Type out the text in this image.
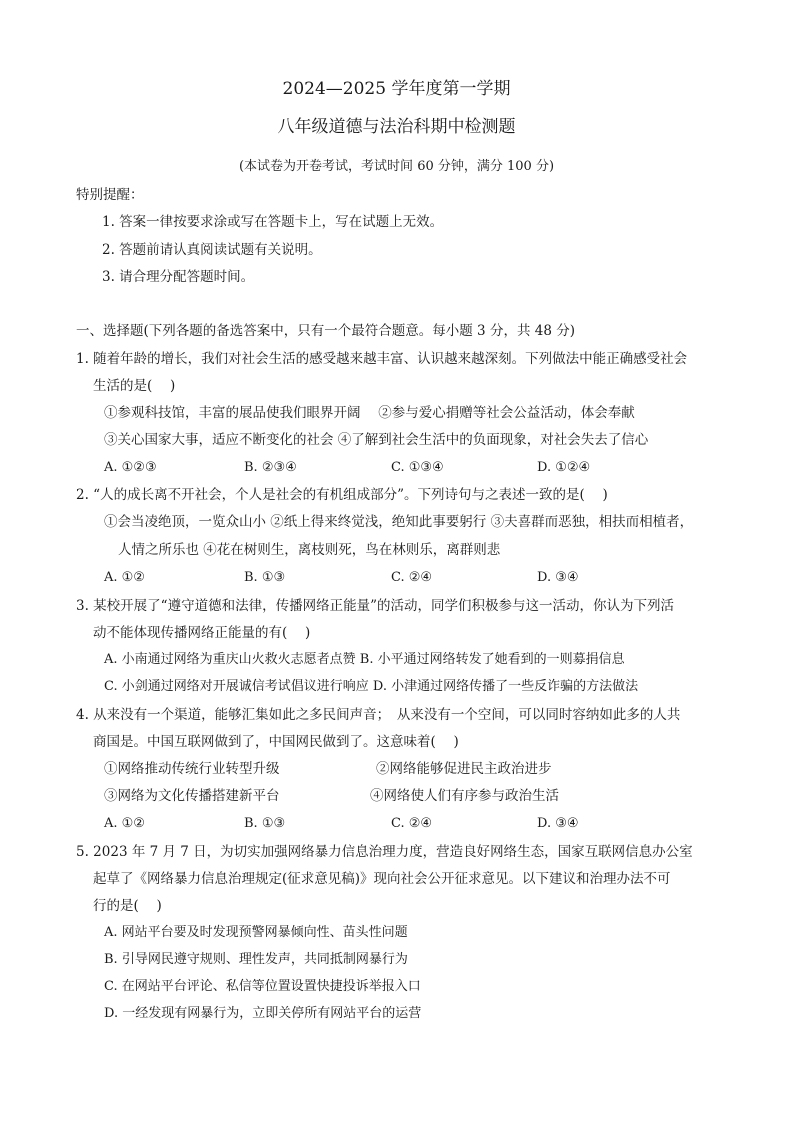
2024—2025 学年度第一学期
八年级道德与法治科期中检测题
(本试卷为开卷考试，考试时间 60 分钟，满分 100 分)
特别提醒：
1. 答案一律按要求涂或写在答题卡上，写在试题上无效。
2. 答题前请认真阅读试题有关说明。
3. 请合理分配答题时间。
一、选择题(下列各题的备选答案中，只有一个最符合题意。每小题 3 分，共 48 分)
1. 随着年龄的增长，我们对社会生活的感受越来越丰富、认识越来越深刻。下列做法中能正确感受社会
生活的是(　 )
①参观科技馆，丰富的展品使我们眼界开阔　 ②参与爱心捐赠等社会公益活动，体会奉献
③关心国家大事，适应不断变化的社会 ④了解到社会生活中的负面现象，对社会失去了信心
A. ①②③	B. ②③④	C. ①③④	D. ①②④
2. “人的成长离不开社会，个人是社会的有机组成部分”。下列诗句与之表述一致的是(　 )
①会当凌绝顶，一览众山小 ②纸上得来终觉浅，绝知此事要躬行 ③夫喜群而恶独，相扶而相植者，
人情之所乐也 ④花在树则生，离枝则死，鸟在林则乐，离群则悲
A. ①②	B. ①③	C. ②④	D. ③④
3. 某校开展了“遵守道德和法律，传播网络正能量”的活动，同学们积极参与这一活动，你认为下列活
动不能体现传播网络正能量的有(　 )
A. 小南通过网络为重庆山火救火志愿者点赞 B. 小平通过网络转发了她看到的一则募捐信息
C. 小剑通过网络对开展诚信考试倡议进行响应 D. 小津通过网络传播了一些反诈骗的方法做法
4. 从来没有一个渠道，能够汇集如此之多民间声音；　从来没有一个空间，可以同时容纳如此多的人共
商国是。中国互联网做到了，中国网民做到了。这意味着(　 )
①网络推动传统行业转型升级	②网络能够促进民主政治进步
③网络为文化传播搭建新平台	④网络使人们有序参与政治生活
A. ①②	B. ①③	C. ②④	D. ③④
5. 2023 年 7 月 7 日，为切实加强网络暴力信息治理力度，营造良好网络生态，国家互联网信息办公室
起草了《网络暴力信息治理规定(征求意见稿)》现向社会公开征求意见。以下建议和治理办法不可
行的是(　 )
A. 网站平台要及时发现预警网暴倾向性、苗头性问题
B. 引导网民遵守规则、理性发声，共同抵制网暴行为
C. 在网站平台评论、私信等位置设置快捷投诉举报入口
D. 一经发现有网暴行为，立即关停所有网站平台的运营
